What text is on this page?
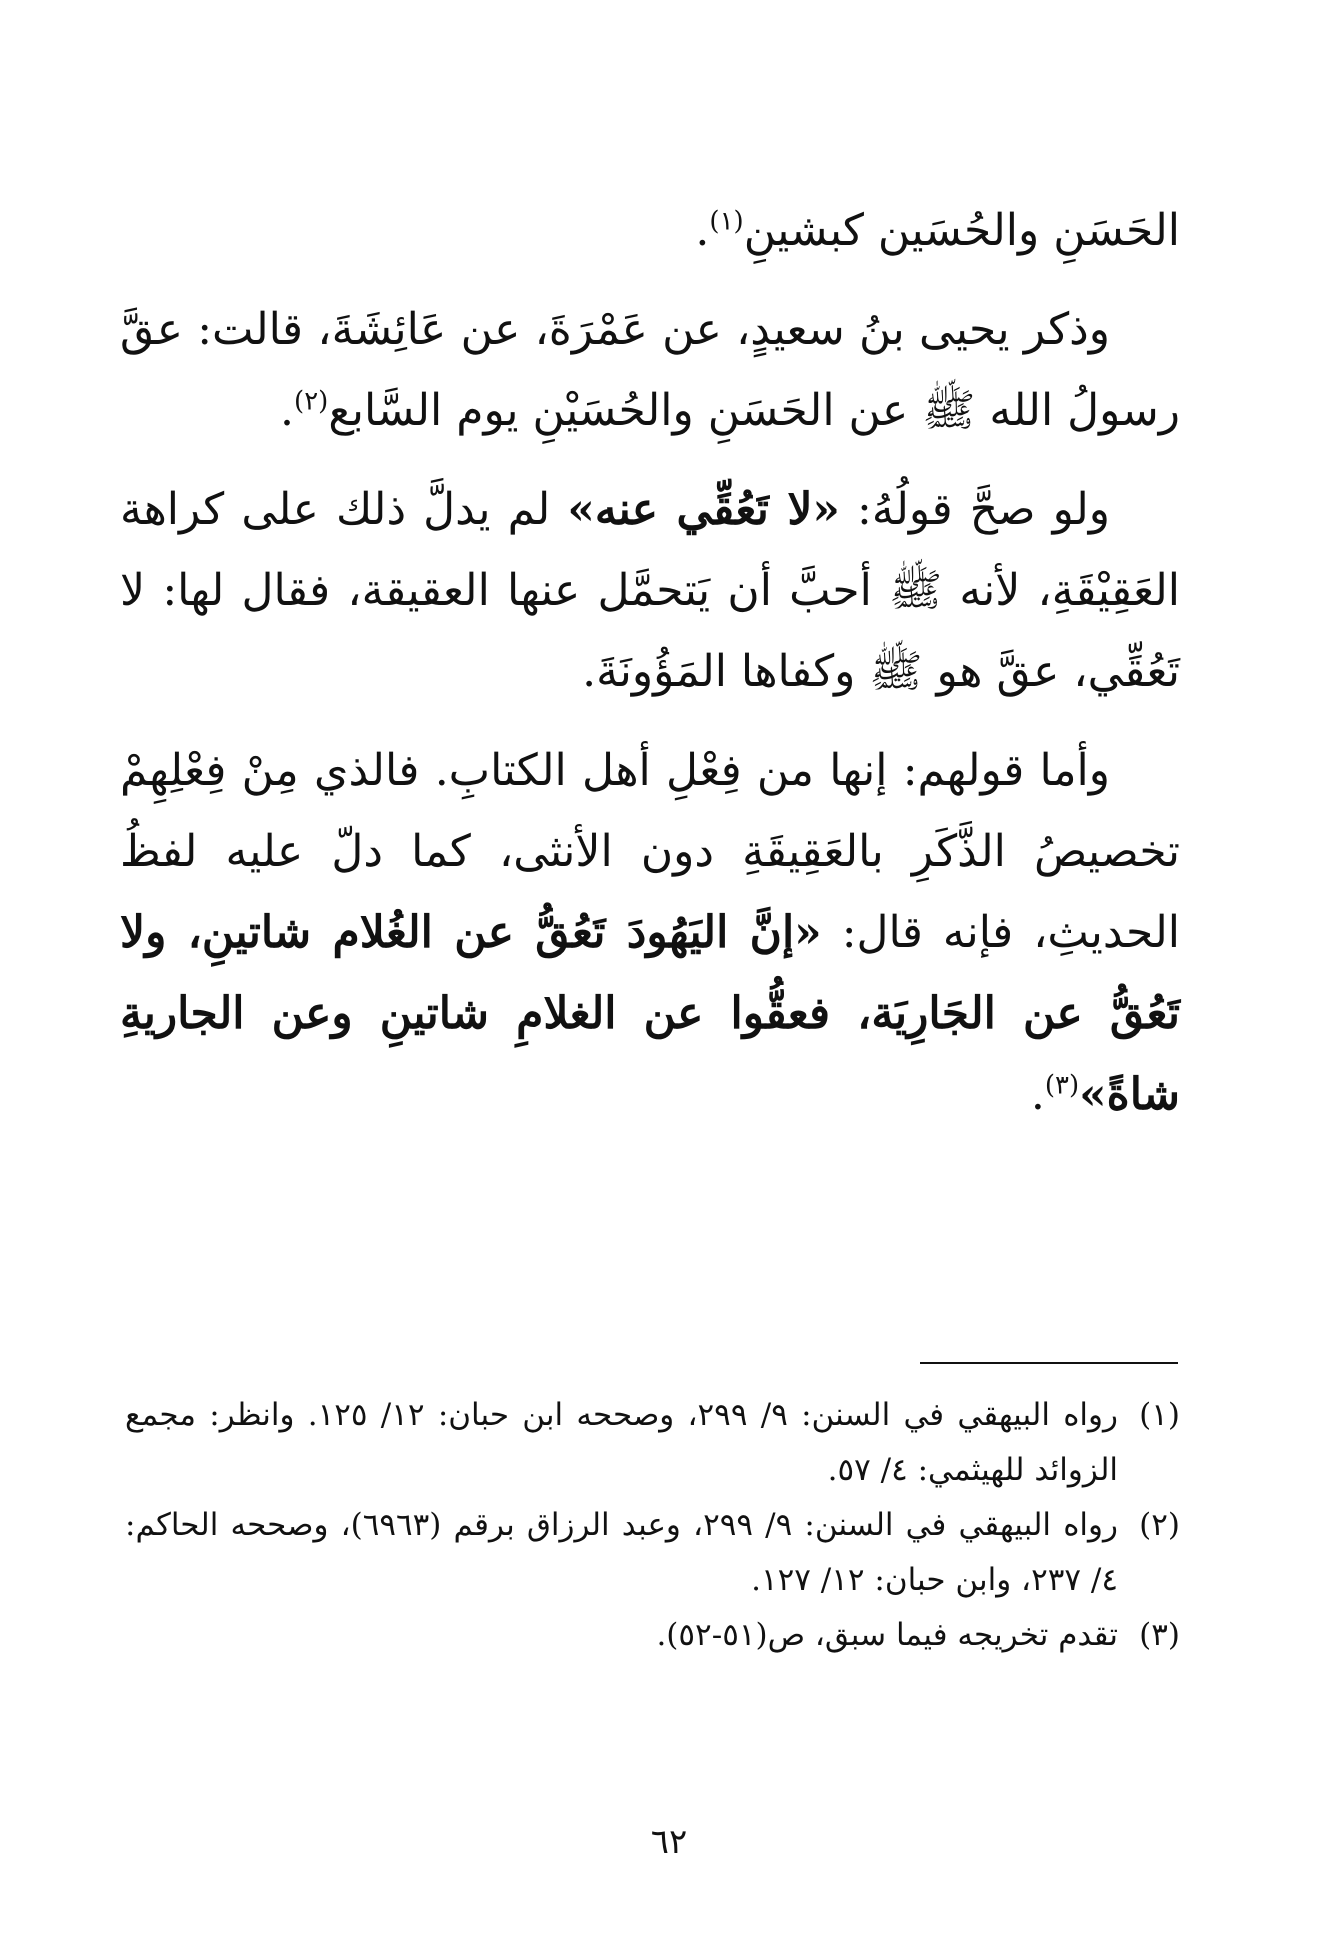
الحَسَنِ والحُسَين كبشينِ$^{(١)}$.

وذكر يحيى بنُ سعيدٍ، عن عَمْرَةَ، عن عَائِشَةَ، قالت: عقَّ رسولُ الله ﷺ عن الحَسَنِ والحُسَيْنِ يوم السَّابع$^{(٢)}$.

ولو صحَّ قولُهُ: «لا تَعُقِّي عنه» لم يدلَّ ذلك على كراهة العَقِيْقَةِ، لأنه ﷺ أحبَّ أن يَتحمَّل عنها العقيقة، فقال لها: لا تَعُقِّي، عقَّ هو ﷺ وكفاها المَؤُونَةَ.

وأما قولهم: إنها من فِعْلِ أهل الكتابِ. فالذي مِنْ فِعْلِهِمْ تخصيصُ الذَّكَرِ بالعَقِيقَةِ دون الأنثى، كما دلّ عليه لفظُ الحديثِ، فإنه قال: «إنَّ اليَهُودَ تَعُقُّ عن الغُلام شاتينِ، ولا تَعُقُّ عن الجَارِيَة، فعقُّوا عن الغلامِ شاتينِ وعن الجاريةِ شاةً»$^{(٣)}$.

(١)
رواه البيهقي في السنن: ٩/ ٢٩٩، وصححه ابن حبان: ١٢/ ١٢٥. وانظر: مجمع الزوائد للهيثمي: ٤/ ٥٧.
(٢)
رواه البيهقي في السنن: ٩/ ٢٩٩، وعبد الرزاق برقم (٦٩٦٣)، وصححه الحاكم: ٤/ ٢٣٧، وابن حبان: ١٢/ ١٢٧.
(٣)
تقدم تخريجه فيما سبق، ص(٥١-٥٢).
٦٢
